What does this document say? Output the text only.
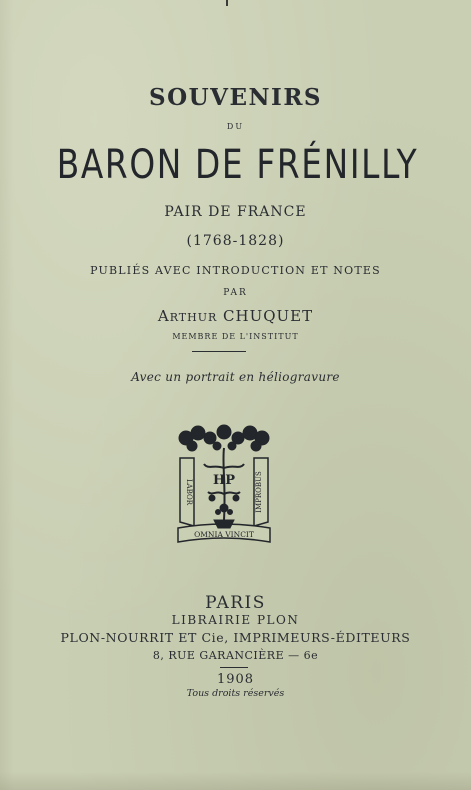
SOUVENIRS
DU
BARON DE FRÉNILLY
PAIR DE FRANCE
(1768-1828)
PUBLIÉS AVEC INTRODUCTION ET NOTES
PAR
Arthur CHUQUET
MEMBRE DE L'INSTITUT
Avec un portrait en héliogravure
HP
LABOR	IMPROBUS
OMNIA VINCIT
PARIS
LIBRAIRIE PLON
PLON-NOURRIT ET Cie, IMPRIMEURS-ÉDITEURS
8, RUE GARANCIÈRE — 6e
1908
Tous droits réservés
